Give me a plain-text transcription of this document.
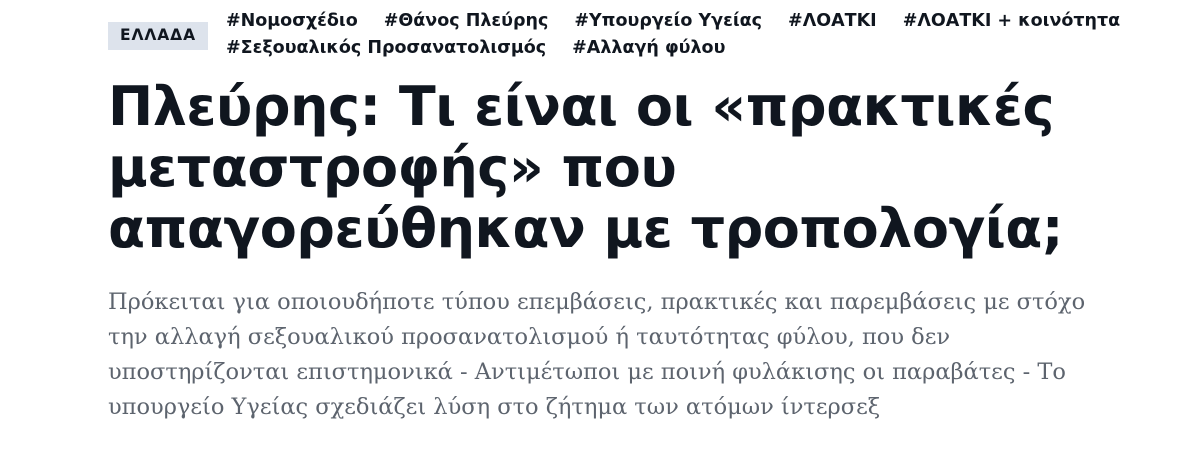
ΕΛΛΑΔΑ
#Νομοσχέδιο #Θάνος Πλεύρης #Υπουργείο Υγείας #ΛΟΑΤΚΙ #ΛΟΑΤΚΙ + κοινότητα
#Σεξουαλικός Προσανατολισμός #Αλλαγή φύλου
Πλεύρης: Τι είναι οι «πρακτικές μεταστροφής» που απαγορεύθηκαν με τροπολογία;

Πρόκειται για οποιουδήποτε τύπου επεμβάσεις, πρακτικές και παρεμβάσεις με στόχο την αλλαγή σεξουαλικού προσανατολισμού ή ταυτότητας φύλου, που δεν υποστηρίζονται επιστημονικά - Αντιμέτωποι με ποινή φυλάκισης οι παραβάτες - Το υπουργείο Υγείας σχεδιάζει λύση στο ζήτημα των ατόμων ίντερσεξ
